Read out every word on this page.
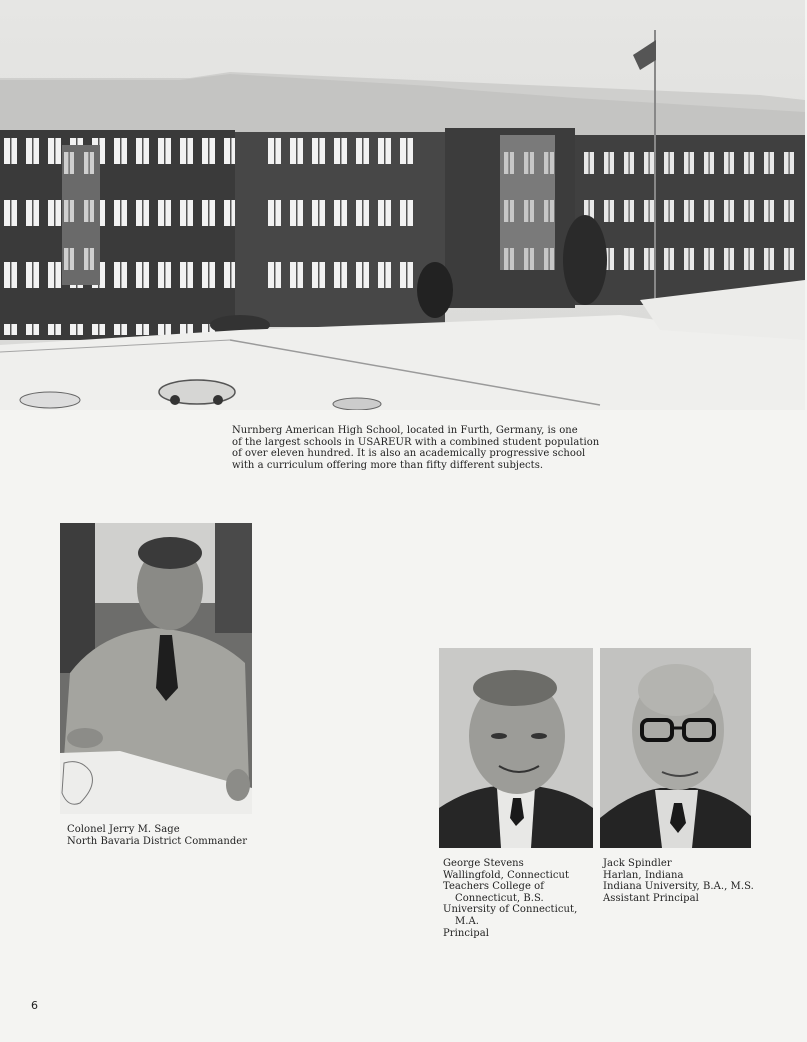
Nurnberg American High School, located in Furth, Germany, is one
of the largest schools in USAREUR with a combined student population
of over eleven hundred. It is also an academically progressive school
with a curriculum offering more than fifty different subjects.
Colonel Jerry M. Sage
North Bavaria District Commander
George Stevens
Wallingfold, Connecticut
Teachers College of
Connecticut, B.S.
University of Connecticut,
M.A.
Principal
Jack Spindler
Harlan, Indiana
Indiana University, B.A., M.S.
Assistant Principal
6
